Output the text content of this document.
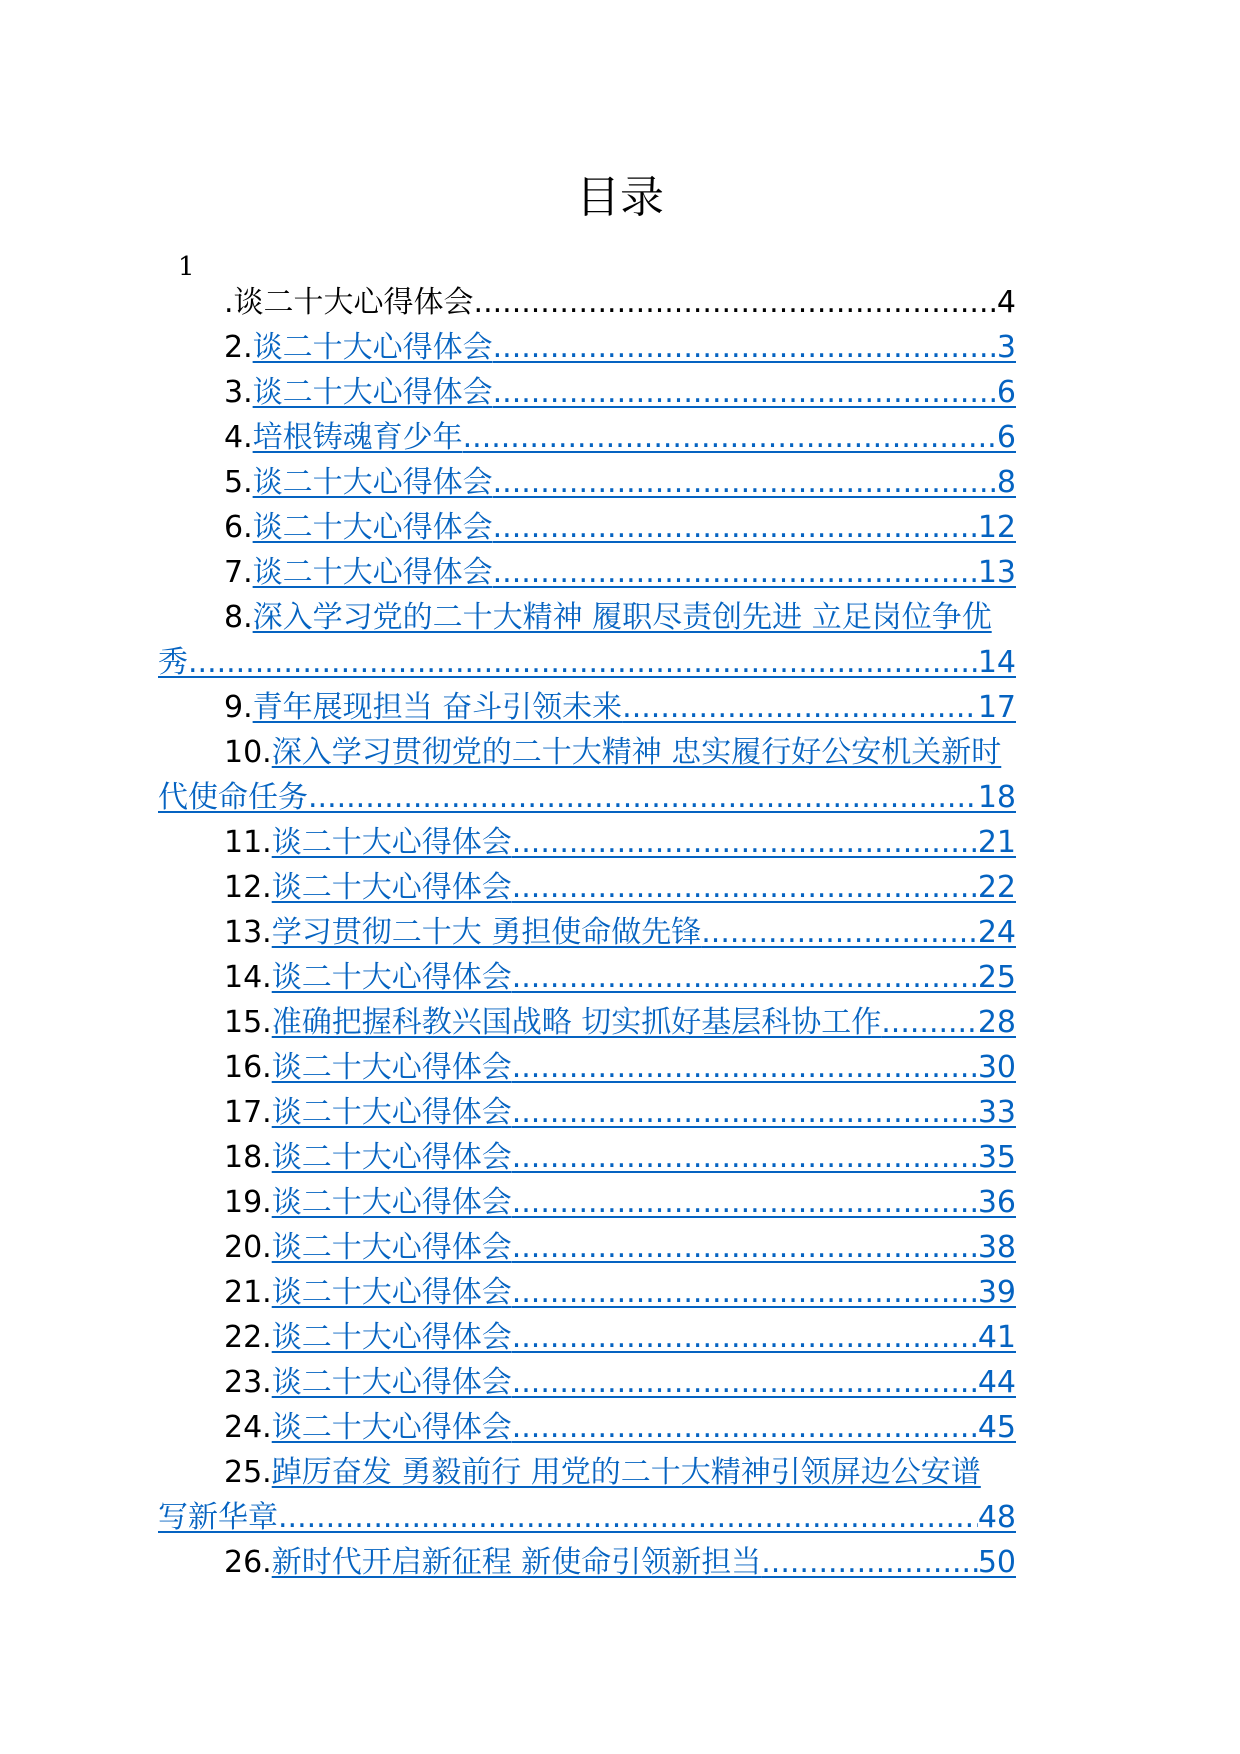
目录
1
.谈二十大心得体会 .....	4
2. 谈二十大心得体会 .....	3
3. 谈二十大心得体会 .....	6
4. 培根铸魂育少年 .....	6
5. 谈二十大心得体会 .....	8
6. 谈二十大心得体会 .....	12
7. 谈二十大心得体会 .....	13
8.深入学习党的二十大精神 履职尽责创先进 立足岗位争优
秀 .....	14
9. 青年展现担当 奋斗引领未来 .....	17
10.深入学习贯彻党的二十大精神 忠实履行好公安机关新时
代使命任务 .....	18
11. 谈二十大心得体会 .....	21
12. 谈二十大心得体会 .....	22
13. 学习贯彻二十大 勇担使命做先锋 .....	24
14. 谈二十大心得体会 .....	25
15. 准确把握科教兴国战略 切实抓好基层科协工作 .....	28
16. 谈二十大心得体会 .....	30
17. 谈二十大心得体会 .....	33
18. 谈二十大心得体会 .....	35
19. 谈二十大心得体会 .....	36
20. 谈二十大心得体会 .....	38
21. 谈二十大心得体会 .....	39
22. 谈二十大心得体会 .....	41
23. 谈二十大心得体会 .....	44
24. 谈二十大心得体会 .....	45
25.踔厉奋发 勇毅前行 用党的二十大精神引领屏边公安谱
写新华章 .....	48
26. 新时代开启新征程 新使命引领新担当 .....	50
